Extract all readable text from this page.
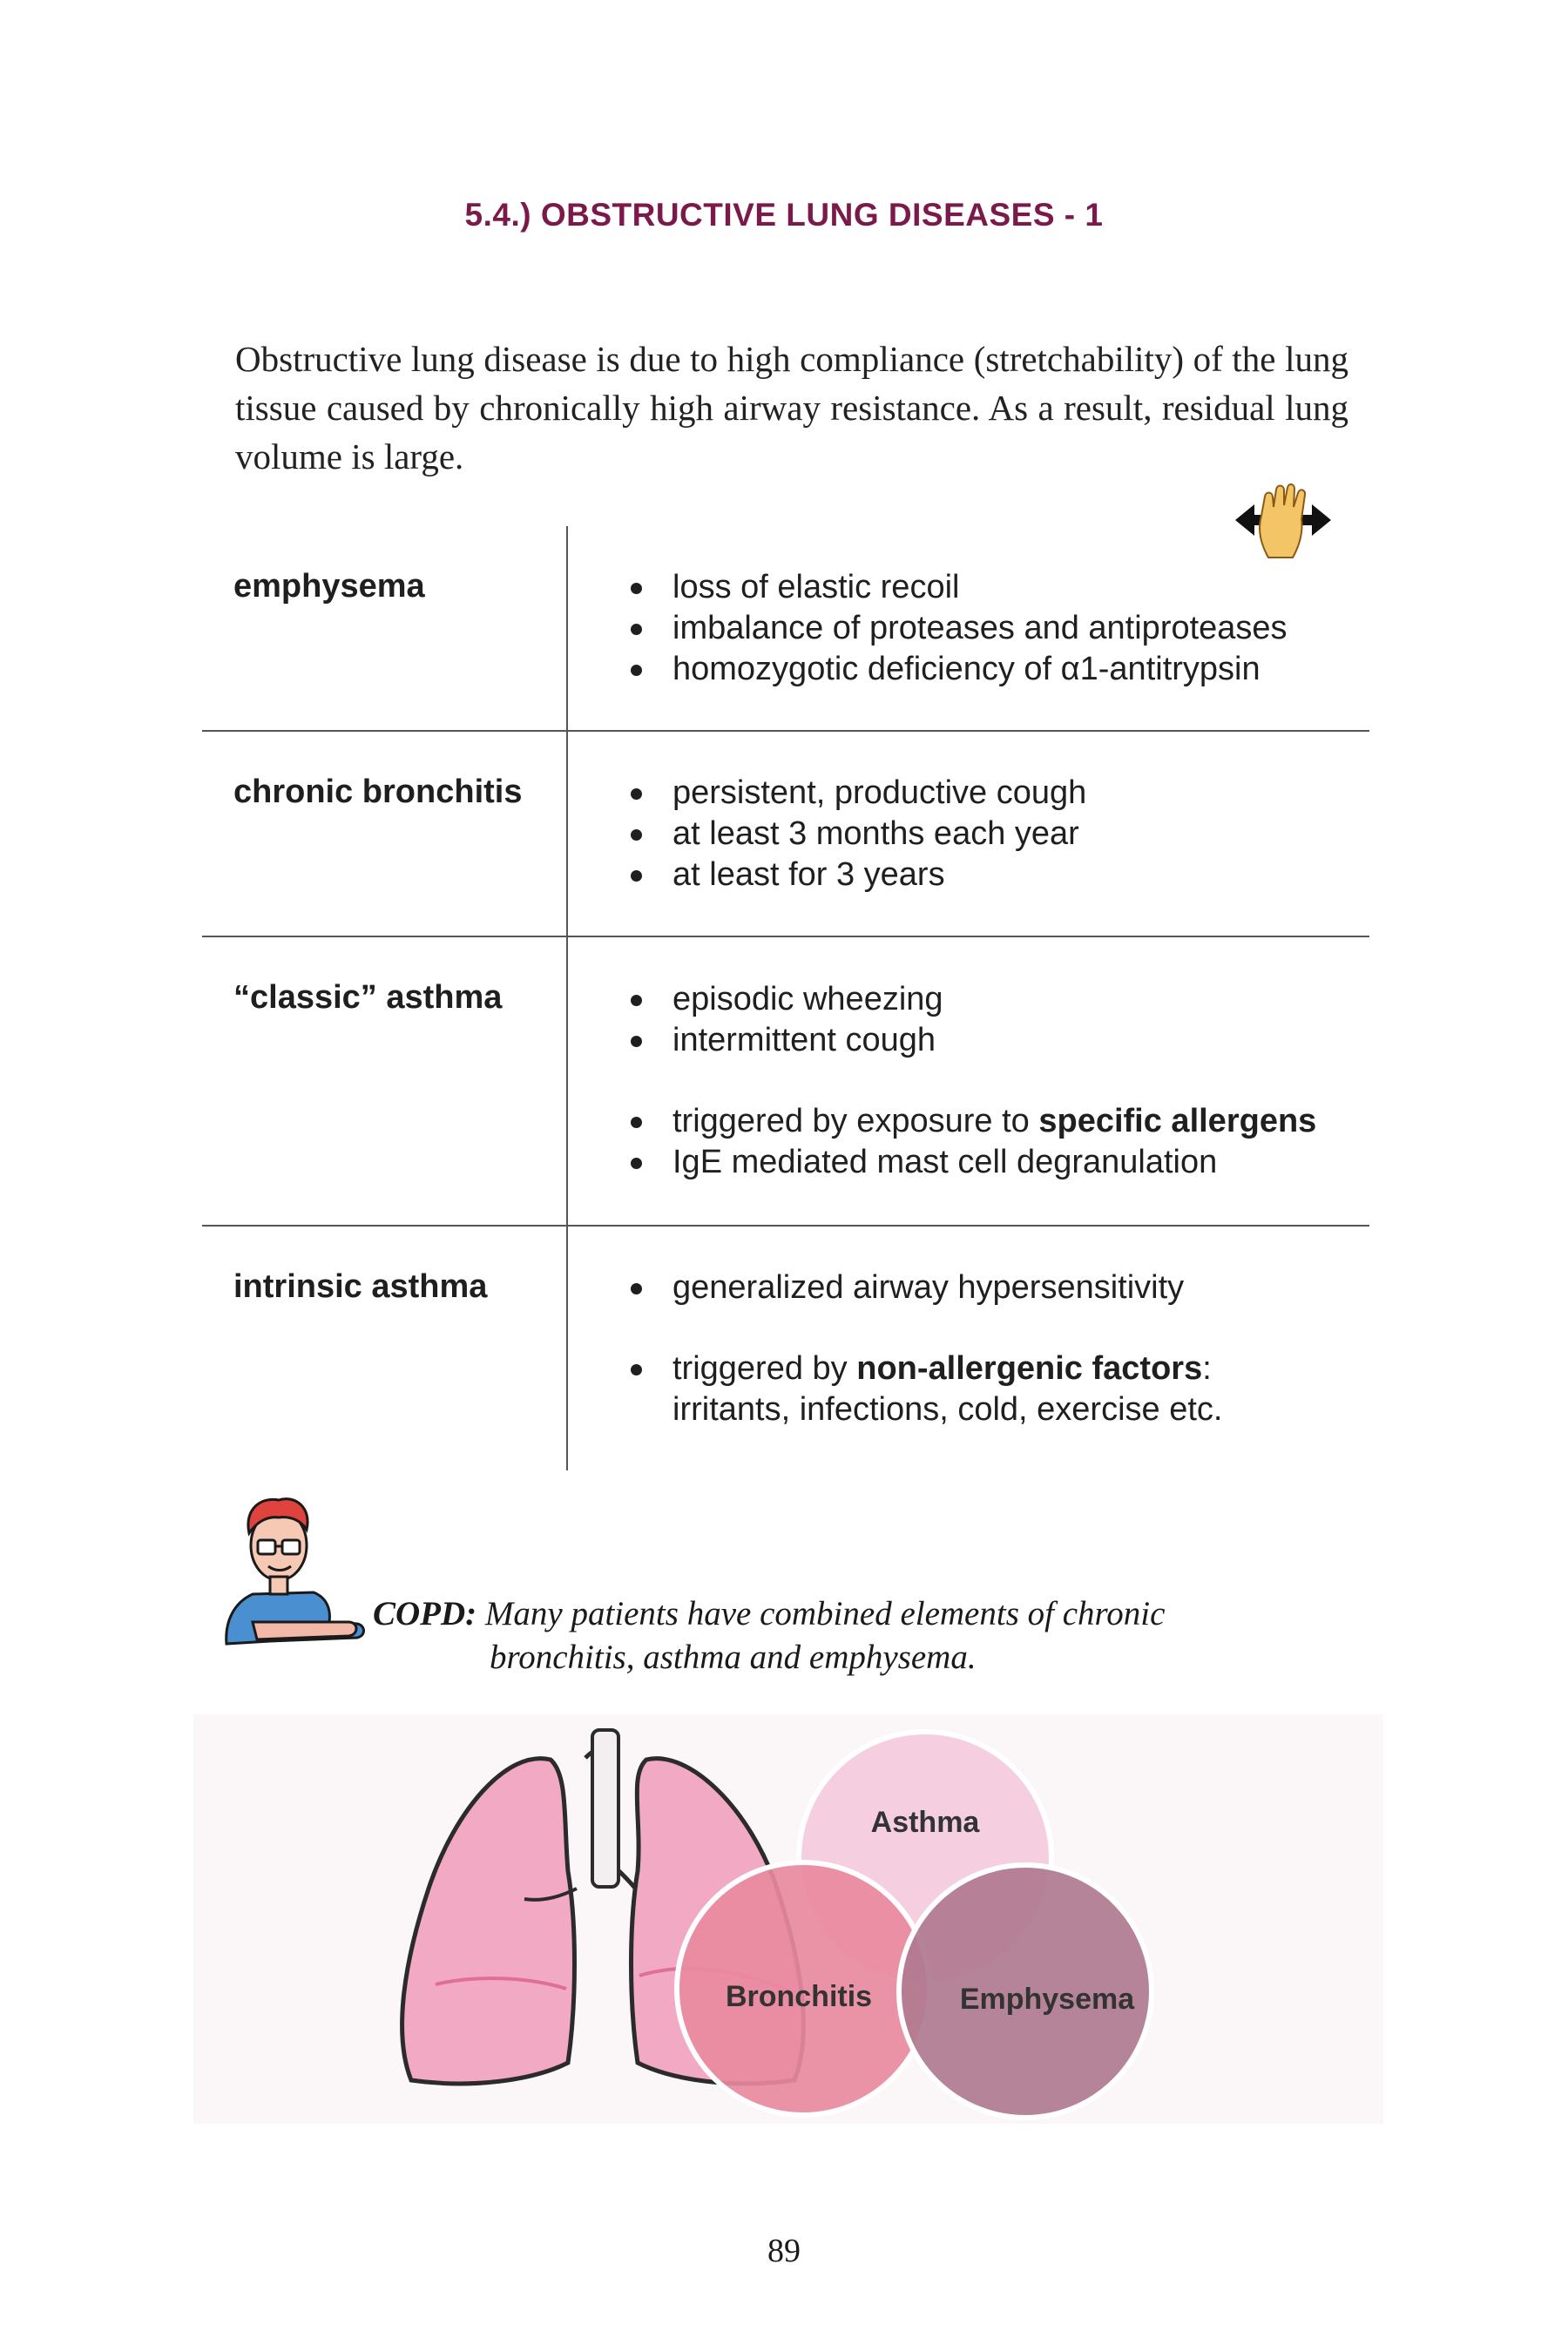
5.4.) OBSTRUCTIVE LUNG DISEASES - 1
Obstructive lung disease is due to high compliance (stretchability) of the lung tissue caused by chronically high airway resistance. As a result, residual lung volume is large.
emphysema	loss of elastic recoil
imbalance of proteases and antiproteases
homozygotic deficiency of α1-antitrypsin
chronic bronchitis	persistent, productive cough
at least 3 months each year
at least for 3 years
“classic” asthma	episodic wheezing
intermittent cough
triggered by exposure to specific allergens
IgE mediated mast cell degranulation
intrinsic asthma	generalized airway hypersensitivity
triggered by non-allergenic factors:
irritants, infections, cold, exercise etc.
COPD: Many patients have combined elements of chronic
bronchitis, asthma and emphysema.
Asthma
Bronchitis	Emphysema
89
